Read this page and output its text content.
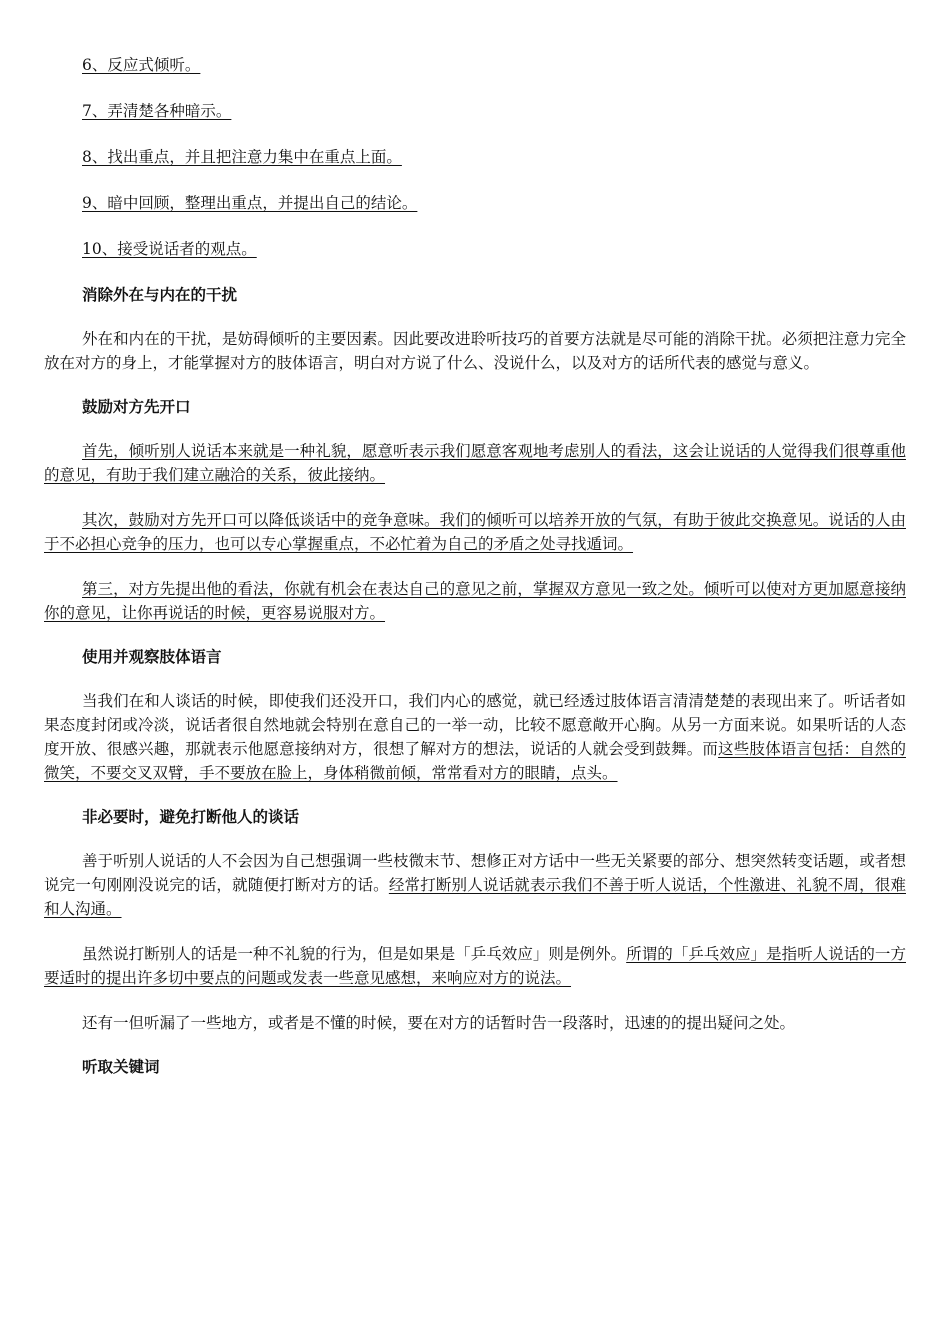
6、反应式倾听。

7、弄清楚各种暗示。

8、找出重点，并且把注意力集中在重点上面。

9、暗中回顾，整理出重点，并提出自己的结论。

10、接受说话者的观点。

消除外在与内在的干扰

外在和内在的干扰，是妨碍倾听的主要因素。因此要改进聆听技巧的首要方法就是尽可能的消除干扰。必须把注意力完全放在对方的身上，才能掌握对方的肢体语言，明白对方说了什么、没说什么，以及对方的话所代表的感觉与意义。

鼓励对方先开口

首先，倾听别人说话本来就是一种礼貌，愿意听表示我们愿意客观地考虑别人的看法，这会让说话的人觉得我们很尊重他的意见，有助于我们建立融洽的关系，彼此接纳。

其次，鼓励对方先开口可以降低谈话中的竞争意味。我们的倾听可以培养开放的气氛，有助于彼此交换意见。说话的人由于不必担心竞争的压力，也可以专心掌握重点，不必忙着为自己的矛盾之处寻找遁词。

第三，对方先提出他的看法，你就有机会在表达自己的意见之前，掌握双方意见一致之处。倾听可以使对方更加愿意接纳你的意见，让你再说话的时候，更容易说服对方。

使用并观察肢体语言

当我们在和人谈话的时候，即使我们还没开口，我们内心的感觉，就已经透过肢体语言清清楚楚的表现出来了。听话者如果态度封闭或冷淡，说话者很自然地就会特别在意自己的一举一动，比较不愿意敞开心胸。从另一方面来说。如果听话的人态度开放、很感兴趣，那就表示他愿意接纳对方，很想了解对方的想法，说话的人就会受到鼓舞。而这些肢体语言包括：自然的微笑，不要交叉双臂，手不要放在脸上，身体稍微前倾，常常看对方的眼睛，点头。

非必要时，避免打断他人的谈话

善于听别人说话的人不会因为自己想强调一些枝微末节、想修正对方话中一些无关紧要的部分、想突然转变话题，或者想说完一句刚刚没说完的话，就随便打断对方的话。经常打断别人说话就表示我们不善于听人说话，个性激进、礼貌不周，很难和人沟通。

虽然说打断别人的话是一种不礼貌的行为，但是如果是「乒乓效应」则是例外。所谓的「乒乓效应」是指听人说话的一方要适时的提出许多切中要点的问题或发表一些意见感想，来响应对方的说法。

还有一但听漏了一些地方，或者是不懂的时候，要在对方的话暂时告一段落时，迅速的的提出疑问之处。

听取关键词
